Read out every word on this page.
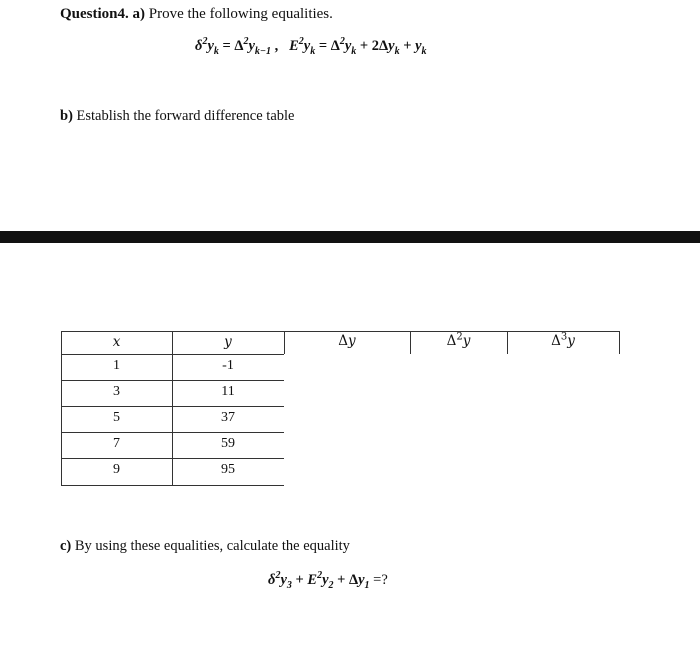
Question4. a) Prove the following equalities.
$\delta^2y_k = \Delta^2y_{k-1}$ ,   $E^2y_k = \Delta^2y_k + 2\Delta y_k + y_k$
b) Establish the forward difference table
x	y	Δy	$\Delta^2y$	$\Delta^3y$
1	-1
3	11
5	37
7	59
9	95
c) By using these equalities, calculate the equality
$\delta^2y_3 + E^2y_2 + \Delta y_1$ =?
